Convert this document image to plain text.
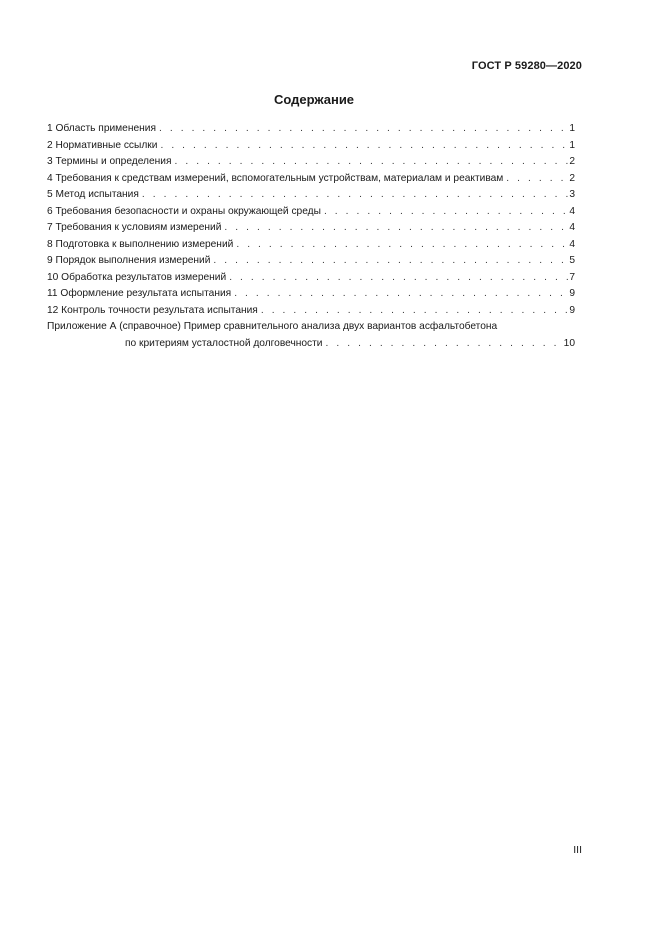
ГОСТ Р 59280—2020
Содержание
1 Область применения . . .	1
2 Нормативные ссылки . . .	1
3 Термины и определения . . .	2
4 Требования к средствам измерений, вспомогательным устройствам, материалам и реактивам . . .	2
5 Метод испытания . . .	3
6 Требования безопасности и охраны окружающей среды . . .	4
7 Требования к условиям измерений . . .	4
8 Подготовка к выполнению измерений . . .	4
9 Порядок выполнения измерений . . .	5
10 Обработка результатов измерений . . .	7
11 Оформление результата испытания . . .	9
12 Контроль точности результата испытания . . .	9
Приложение А (справочное) Пример сравнительного анализа двух вариантов асфальтобетона
по критериям усталостной долговечности . . .	10
III
